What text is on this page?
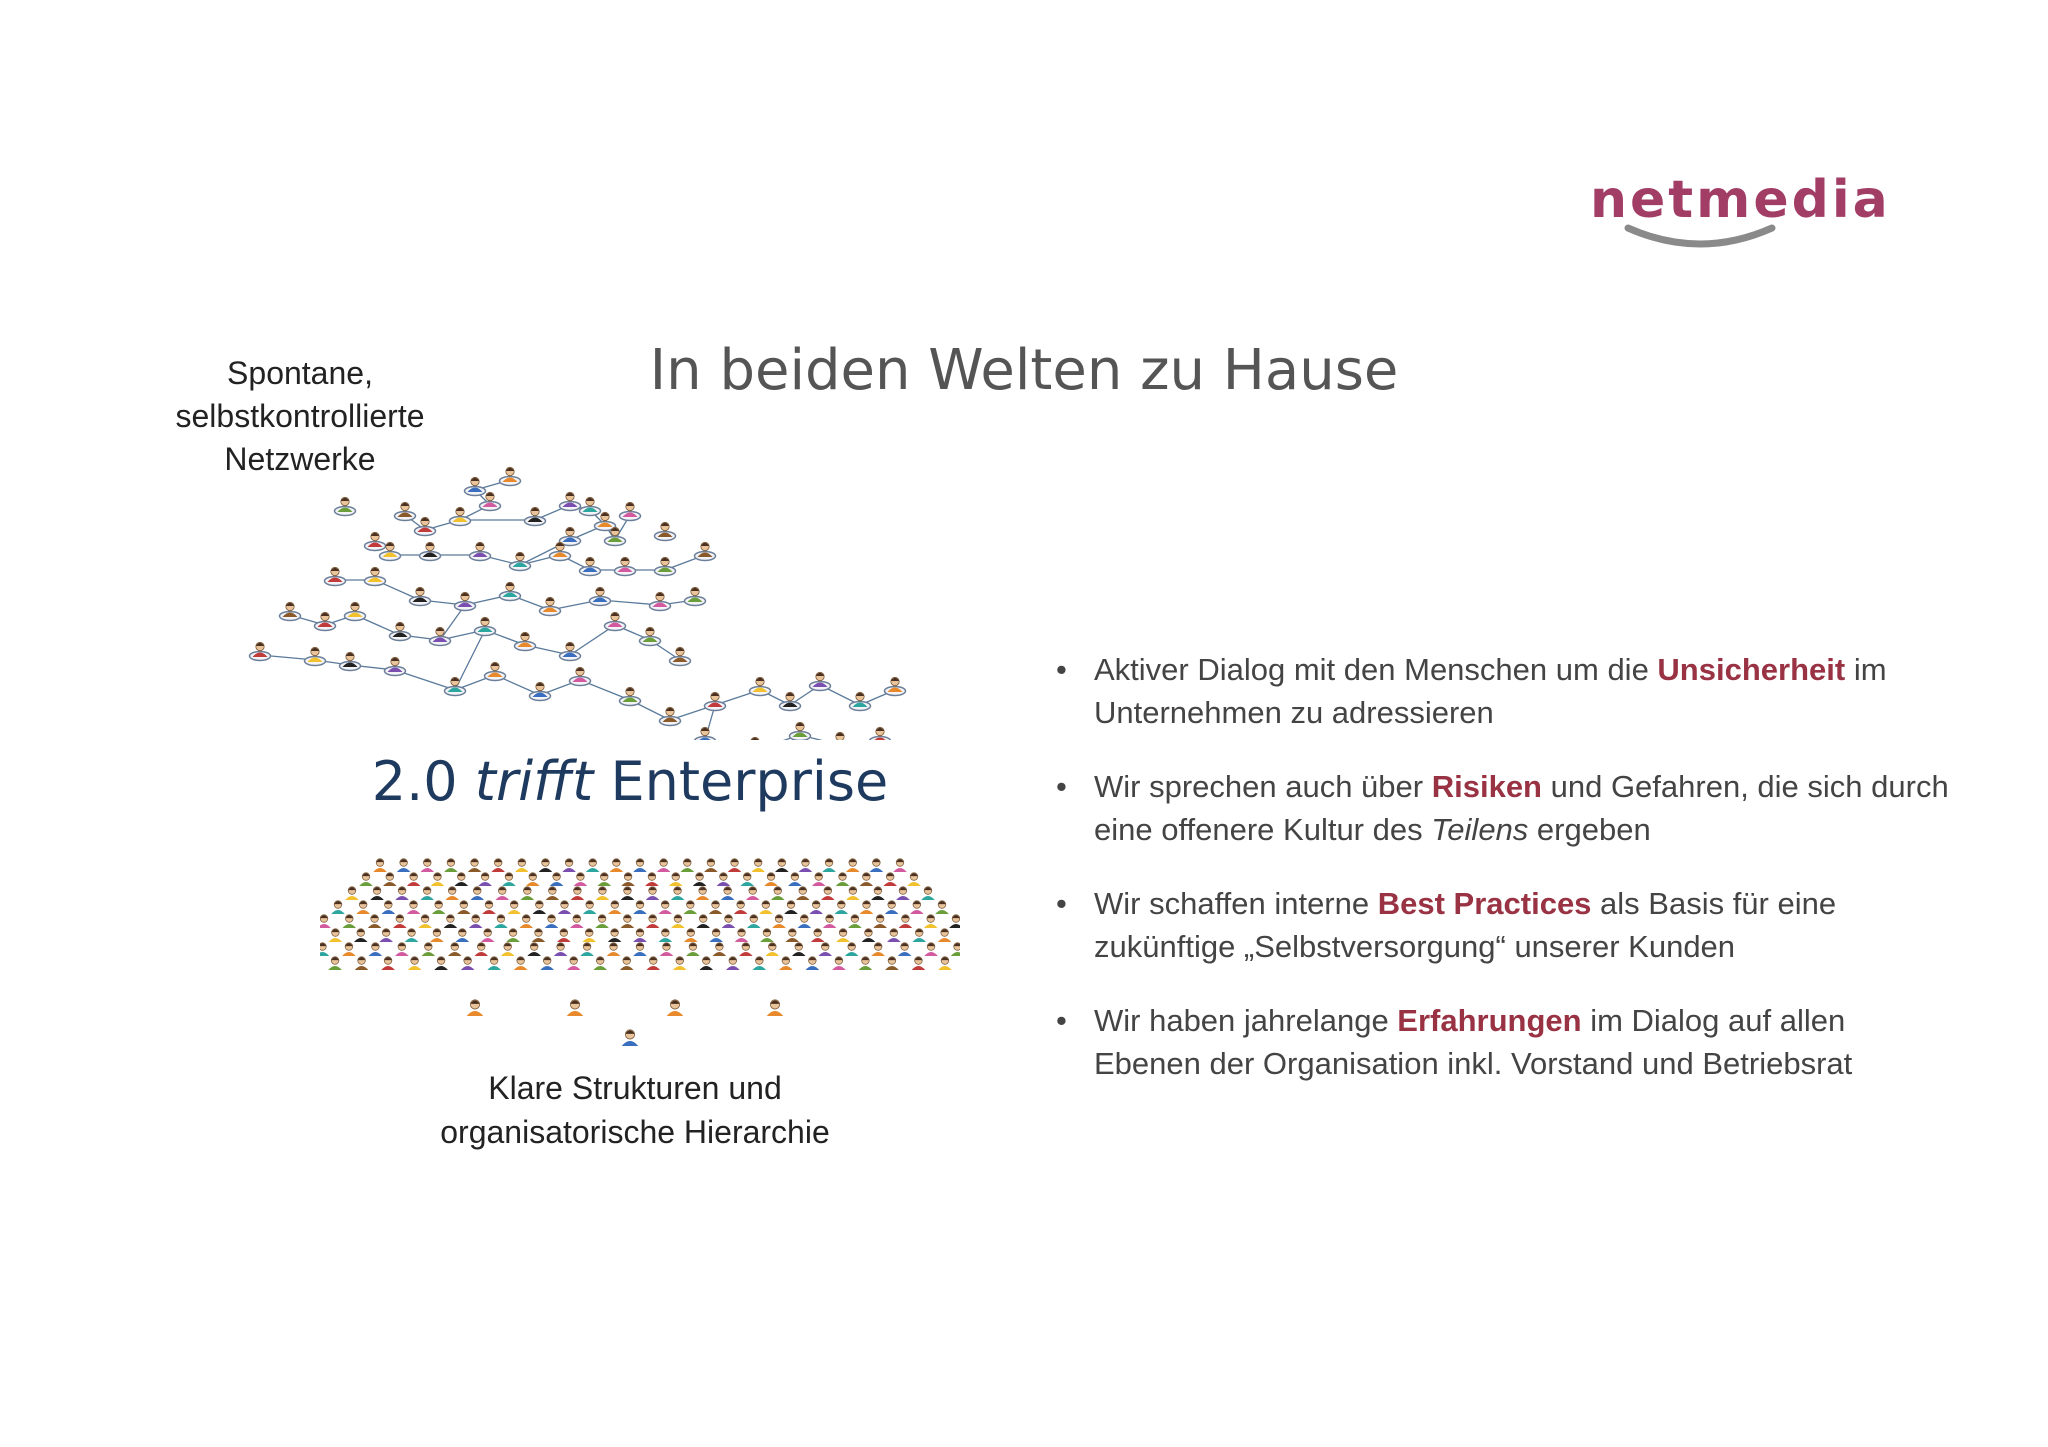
netmedia
In beiden Welten zu Hause
Spontane,
selbstkontrollierte
Netzwerke
2.0 trifft Enterprise
Klare Strukturen und
organisatorische Hierarchie
• Aktiver Dialog mit den Menschen um die Unsicherheit im Unternehmen zu adressieren
• Wir sprechen auch über Risiken und Gefahren, die sich durch eine offenere Kultur des Teilens ergeben
• Wir schaffen interne Best Practices als Basis für eine zukünftige „Selbstversorgung“ unserer Kunden
• Wir haben jahrelange Erfahrungen im Dialog auf allen Ebenen der Organisation inkl. Vorstand und Betriebsrat
